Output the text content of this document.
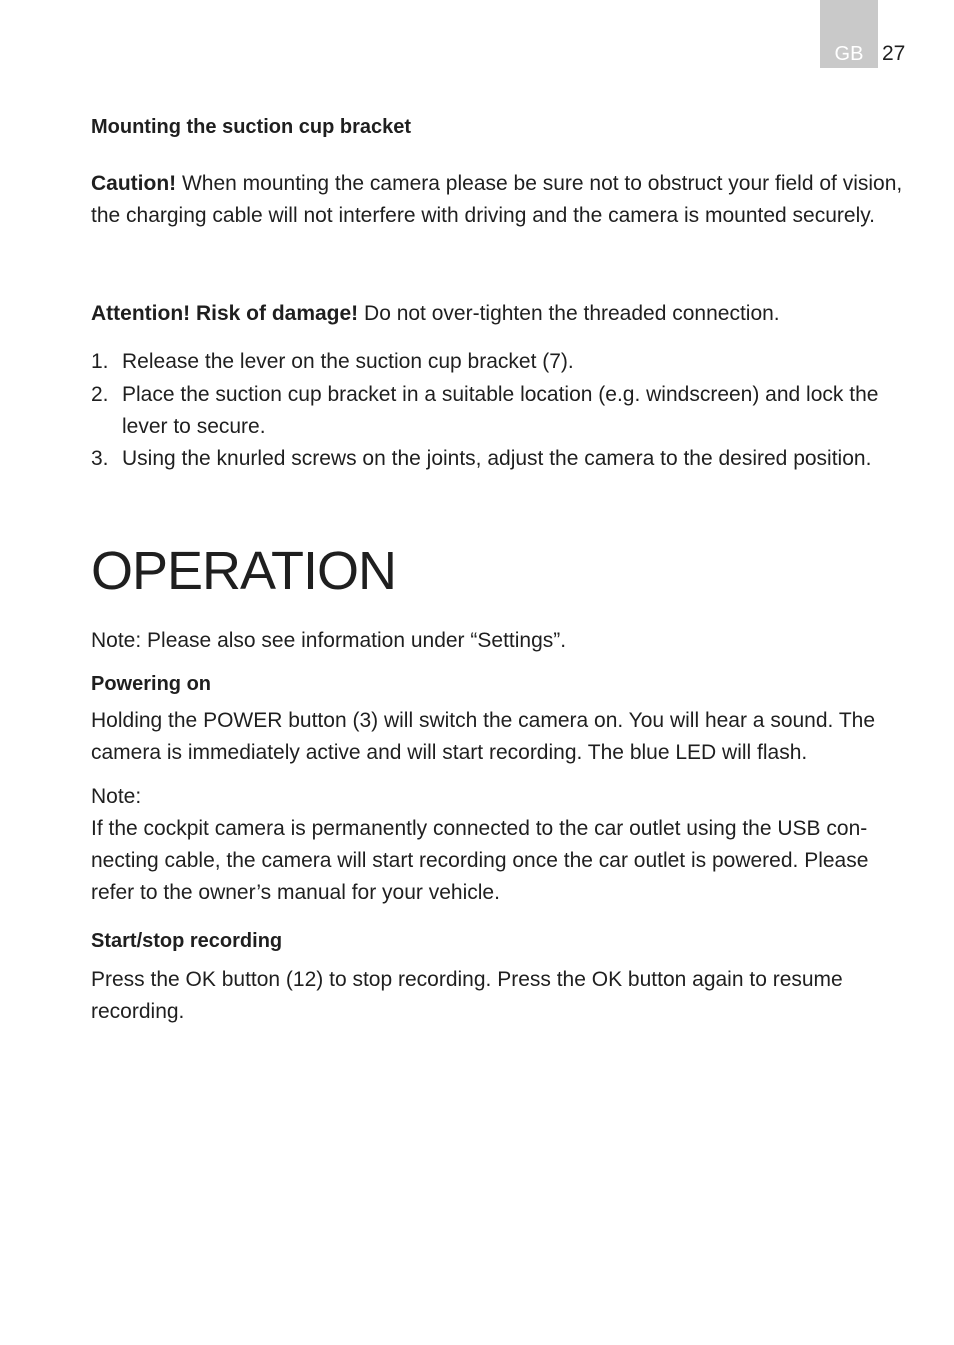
GB 27
Mounting the suction cup bracket
Caution! When mounting the camera please be sure not to obstruct your field of vision, the charging cable will not interfere with driving and the camera is mounted securely.
Attention! Risk of damage! Do not over-tighten the threaded connection.
1. Release the lever on the suction cup bracket (7).
2. Place the suction cup bracket in a suitable location (e.g. windscreen) and lock the lever to secure.
3. Using the knurled screws on the joints, adjust the camera to the desired position.
OPERATION
Note: Please also see information under “Settings”.
Powering on
Holding the POWER button (3) will switch the camera on. You will hear a sound. The camera is immediately active and will start recording. The blue LED will flash.
Note:
If the cockpit camera is permanently connected to the car outlet using the USB con-necting cable, the camera will start recording once the car outlet is powered. Please refer to the owner’s manual for your vehicle.
Start/stop recording
Press the OK button (12) to stop recording. Press the OK button again to resume recording.
